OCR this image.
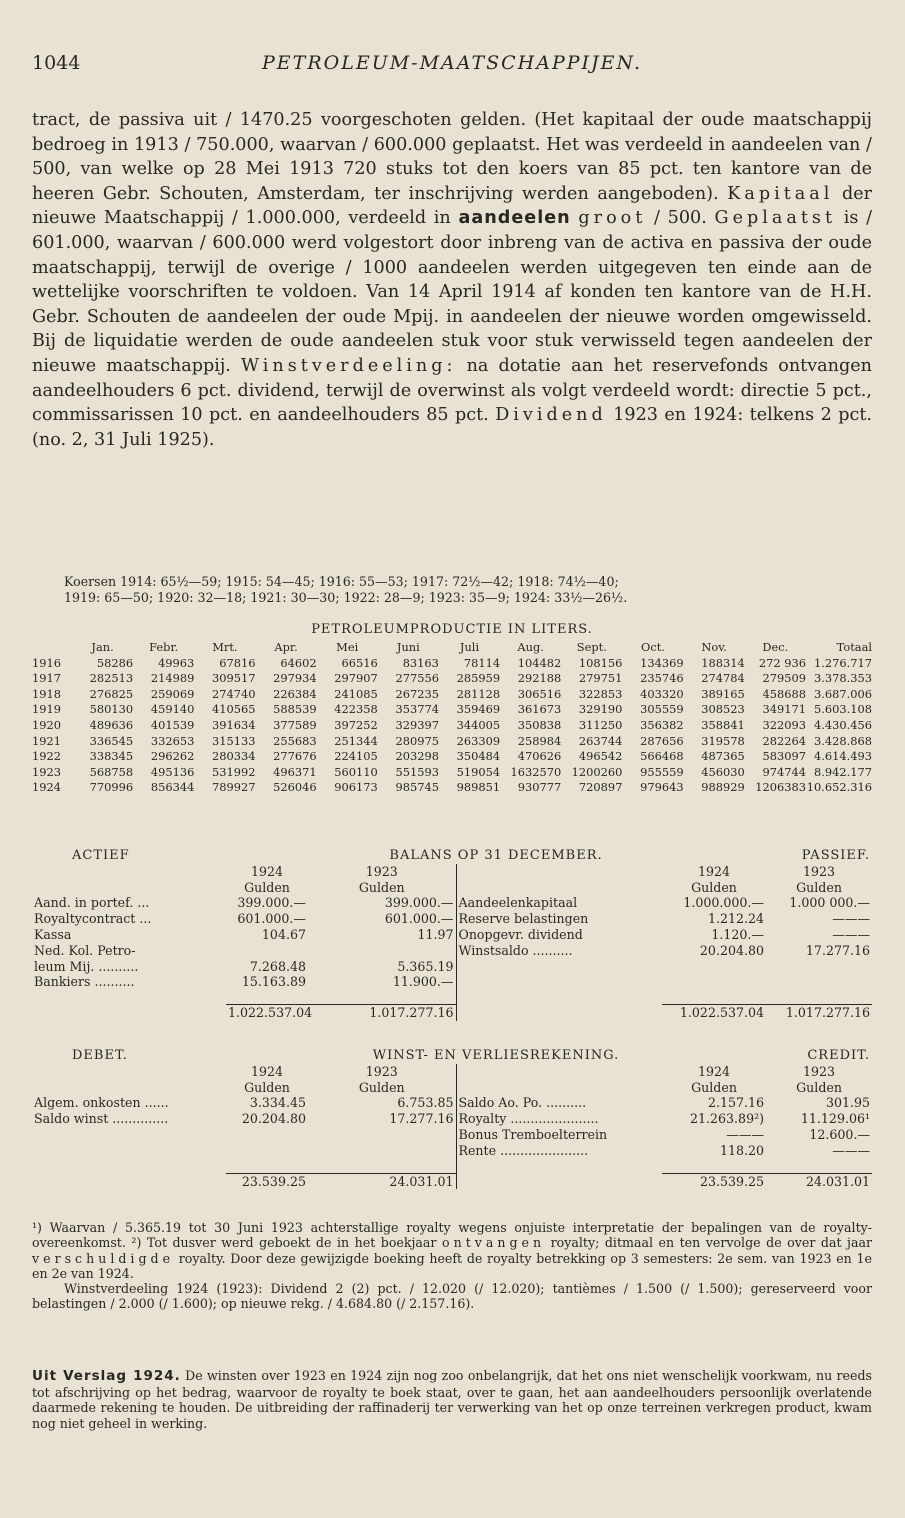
1044	PETROLEUM-MAATSCHAPPIJEN.

tract, de passiva uit / 1470.25 voorgeschoten gelden. (Het kapitaal der oude maatschappij bedroeg in 1913 / 750.000, waarvan / 600.000 geplaatst. Het was verdeeld in aandeelen van / 500, van welke op 28 Mei 1913 720 stuks tot den koers van 85 pct. ten kantore van de heeren Gebr. Schouten, Amsterdam, ter inschrijving werden aangeboden). Kapitaal der nieuwe Maatschappij / 1.000.000, verdeeld in aandeelen groot / 500. Geplaatst is / 601.000, waarvan / 600.000 werd volgestort door inbreng van de activa en passiva der oude maatschappij, terwijl de overige / 1000 aandeelen werden uitgegeven ten einde aan de wettelijke voorschriften te voldoen. Van 14 April 1914 af konden ten kantore van de H.H. Gebr. Schouten de aandeelen der oude Mpij. in aandeelen der nieuwe worden omgewisseld. Bij de liquidatie werden de oude aandeelen stuk voor stuk verwisseld tegen aandeelen der nieuwe maatschappij. Winstverdeeling: na dotatie aan het reservefonds ontvangen aandeelhouders 6 pct. dividend, terwijl de overwinst als volgt verdeeld wordt: directie 5 pct., commissarissen 10 pct. en aandeelhouders 85 pct. Dividend 1923 en 1924: telkens 2 pct. (no. 2, 31 Juli 1925).

Koersen 1914: 65½—59; 1915: 54—45; 1916: 55—53; 1917: 72½—42; 1918: 74½—40;
1919: 65—50; 1920: 32—18; 1921: 30—30; 1922: 28—9; 1923: 35—9; 1924: 33½—26½.
PETROLEUMPRODUCTIE IN LITERS.
	Jan.	Febr.	Mrt.	Apr.	Mei	Juni	Juli	Aug.	Sept.	Oct.	Nov.	Dec.	Totaal
1916	58286	49963	67816	64602	66516	83163	78114	104482	108156	134369	188314	272 936	1.276.717
1917	282513	214989	309517	297934	297907	277556	285959	292188	279751	235746	274784	279509	3.378.353
1918	276825	259069	274740	226384	241085	267235	281128	306516	322853	403320	389165	458688	3.687.006
1919	580130	459140	410565	588539	422358	353774	359469	361673	329190	305559	308523	349171	5.603.108
1920	489636	401539	391634	377589	397252	329397	344005	350838	311250	356382	358841	322093	4.430.456
1921	336545	332653	315133	255683	251344	280975	263309	258984	263744	287656	319578	282264	3.428.868
1922	338345	296262	280334	277676	224105	203298	350484	470626	496542	566468	487365	583097	4.614.493
1923	568758	495136	531992	496371	560110	551593	519054	1632570	1200260	955559	456030	974744	8.942.177
1924	770996	856344	789927	526046	906173	985745	989851	930777	720897	979643	988929	1206383	10.652.316
ACTIEF	BALANS OP 31 DECEMBER.				PASSIEF.
	1924	1923		1924	1923
	Gulden	Gulden		Gulden	Gulden
Aand. in portef. ...	399.000.—	399.000.—	Aandeelenkapitaal	1.000.000.—	1.000 000.—
Royaltycontract ...	601.000.—	601.000.—	Reserve belastingen	1.212.24	———
Kassa	104.67	11.97	Onopgevr. dividend	1.120.—	———
Ned. Kol. Petro-			Winstsaldo ..........	20.204.80	17.277.16
leum Mij. ..........	7.268.48	5.365.19			
Bankiers ..........	15.163.89	11.900.—			

	1.022.537.04	1.017.277.16		1.022.537.04	1.017.277.16
DEBET.	WINST- EN VERLIESREKENING.				CREDIT.
	1924	1923		1924	1923
	Gulden	Gulden		Gulden	Gulden
Algem. onkosten ......	3.334.45	6.753.85	Saldo Ao. Po. ..........	2.157.16	301.95
Saldo winst ..............	20.204.80	17.277.16	Royalty ......................	21.263.89²)	11.129.06¹
			Bonus Tremboelterrein	———	12.600.—
			Rente ......................	118.20	———

	23.539.25	24.031.01		23.539.25	24.031.01

¹) Waarvan / 5.365.19 tot 30 Juni 1923 achterstallige royalty wegens onjuiste interpretatie der bepalingen van de royalty-overeenkomst. ²) Tot dusver werd geboekt de in het boekjaar ontvangen royalty; ditmaal en ten vervolge de over dat jaar verschuldigde royalty. Door deze gewijzigde boeking heeft de royalty betrekking op 3 semesters: 2e sem. van 1923 en 1e en 2e van 1924.

Winstverdeeling 1924 (1923): Dividend 2 (2) pct. / 12.020 (/ 12.020); tantièmes / 1.500 (/ 1.500); gereserveerd voor belastingen / 2.000 (/ 1.600); op nieuwe rekg. / 4.684.80 (/ 2.157.16).

Uit Verslag 1924. De winsten over 1923 en 1924 zijn nog zoo onbelangrijk, dat het ons niet wenschelijk voorkwam, nu reeds tot afschrijving op het bedrag, waarvoor de royalty te boek staat, over te gaan, het aan aandeelhouders persoonlijk overlatende daarmede rekening te houden. De uitbreiding der raffinaderij ter verwerking van het op onze terreinen verkregen product, kwam nog niet geheel in werking.
